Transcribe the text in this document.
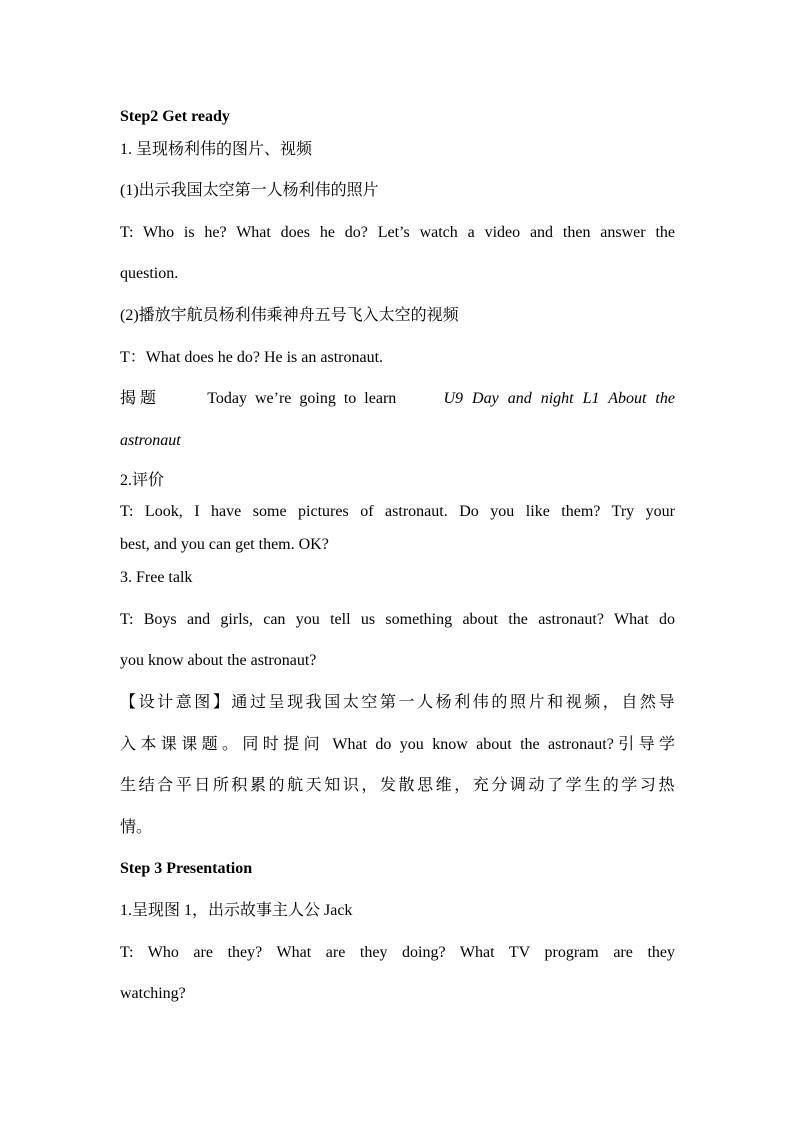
Step2 Get ready
1. 呈现杨利伟的图片、视频
(1)出示我国太空第一人杨利伟的照片
T: Who is he? What does he do? Let’s watch a video and then answer the
question.
(2)播放宇航员杨利伟乘神舟五号飞入太空的视频
T：What does he do? He is an astronaut.
揭题	Today we’re going to learn	U9 Day and night L1 About the
astronaut
2.评价
T: Look, I have some pictures of astronaut. Do you like them? Try your
best, and you can get them. OK?
3. Free talk
T: Boys and girls, can you tell us something about the astronaut? What do
you know about the astronaut?
【设计意图】通过呈现我国太空第一人杨利伟的照片和视频，自然导
入本课课题。同时提问 What do you know about the astronaut?引导学
生结合平日所积累的航天知识，发散思维，充分调动了学生的学习热
情。
Step 3 Presentation
1.呈现图 1，出示故事主人公 Jack
T: Who are they? What are they doing? What TV program are they
watching?
